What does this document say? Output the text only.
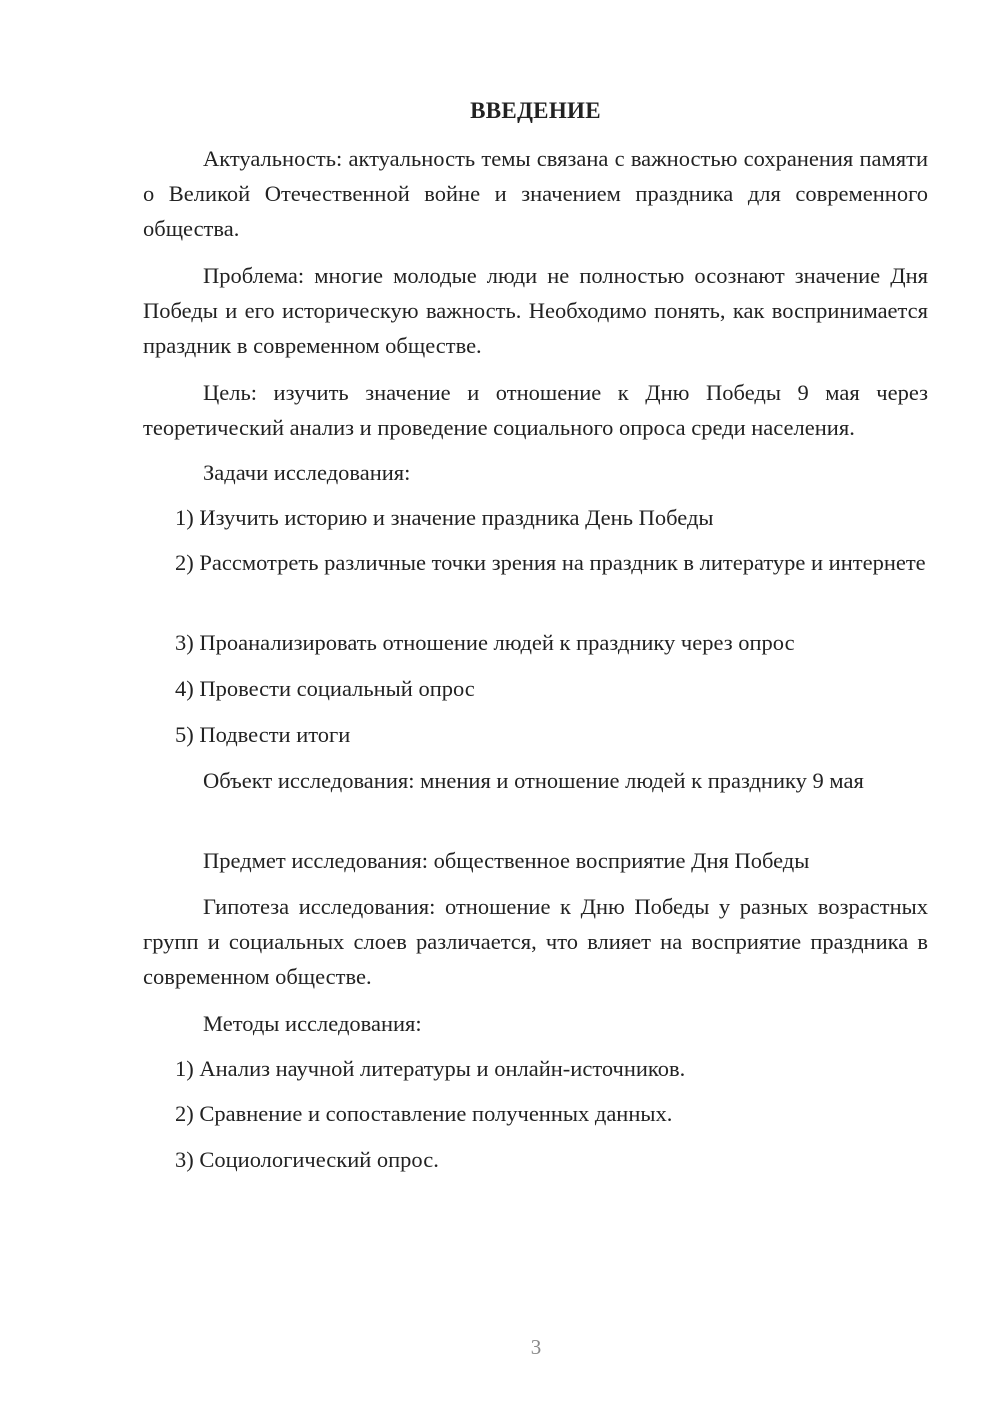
ВВЕДЕНИЕ

Актуальность: актуальность темы связана с важностью сохранения памяти о Великой Отечественной войне и значением праздника для современного общества.

Проблема: многие молодые люди не полностью осознают значение Дня Победы и его историческую важность. Необходимо понять, как воспринимается праздник в современном обществе.

Цель: изучить значение и отношение к Дню Победы 9 мая через теоретический анализ и проведение социального опроса среди населения.

Задачи исследования:

1) Изучить историю и значение праздника День Победы

2) Рассмотреть различные точки зрения на праздник в литературе и интернете

3) Проанализировать отношение людей к празднику через опрос

4) Провести социальный опрос

5) Подвести итоги

Объект исследования: мнения и отношение людей к празднику 9 мая

Предмет исследования: общественное восприятие Дня Победы

Гипотеза исследования: отношение к Дню Победы у разных возрастных групп и социальных слоев различается, что влияет на восприятие праздника в современном обществе.

Методы исследования:

1) Анализ научной литературы и онлайн-источников.

2) Сравнение и сопоставление полученных данных.

3) Социологический опрос.

3
